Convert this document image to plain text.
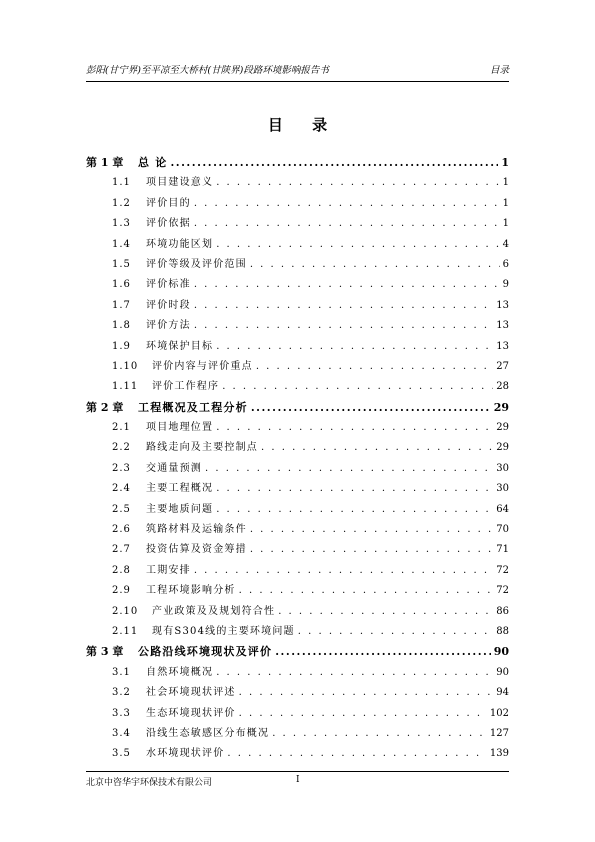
彭阳(甘宁界)至平凉至大桥村(甘陕界)段路环境影响报告书	目录
目 录
第 1 章	总 论 .....	1
1.1	项目建设意义 . . .	1
1.2	评价目的 . . .	1
1.3	评价依据 . . .	1
1.4	环境功能区划 . . .	4
1.5	评价等级及评价范围 . . .	6
1.6	评价标准 . . .	9
1.7	评价时段 . . .	13
1.8	评价方法 . . .	13
1.9	环境保护目标 . . .	13
1.10	评价内容与评价重点 . . .	27
1.11	评价工作程序 . . .	28
第 2 章	工程概况及工程分析 .....	29
2.1	项目地理位置 . . .	29
2.2	路线走向及主要控制点 . . .	29
2.3	交通量预测 . . .	30
2.4	主要工程概况 . . .	30
2.5	主要地质问题 . . .	64
2.6	筑路材料及运输条件 . . .	70
2.7	投资估算及资金筹措 . . .	71
2.8	工期安排 . . .	72
2.9	工程环境影响分析 . . .	72
2.10	产业政策及及规划符合性 . . .	86
2.11	现有S304线的主要环境问题 . . .	88
第 3 章	公路沿线环境现状及评价 .....	90
3.1	自然环境概况 . . .	90
3.2	社会环境现状评述 . . .	94
3.3	生态环境现状评价 . . .	102
3.4	沿线生态敏感区分布概况 . . .	127
3.5	水环境现状评价 . . .	139
北京中咨华宇环保技术有限公司	I
